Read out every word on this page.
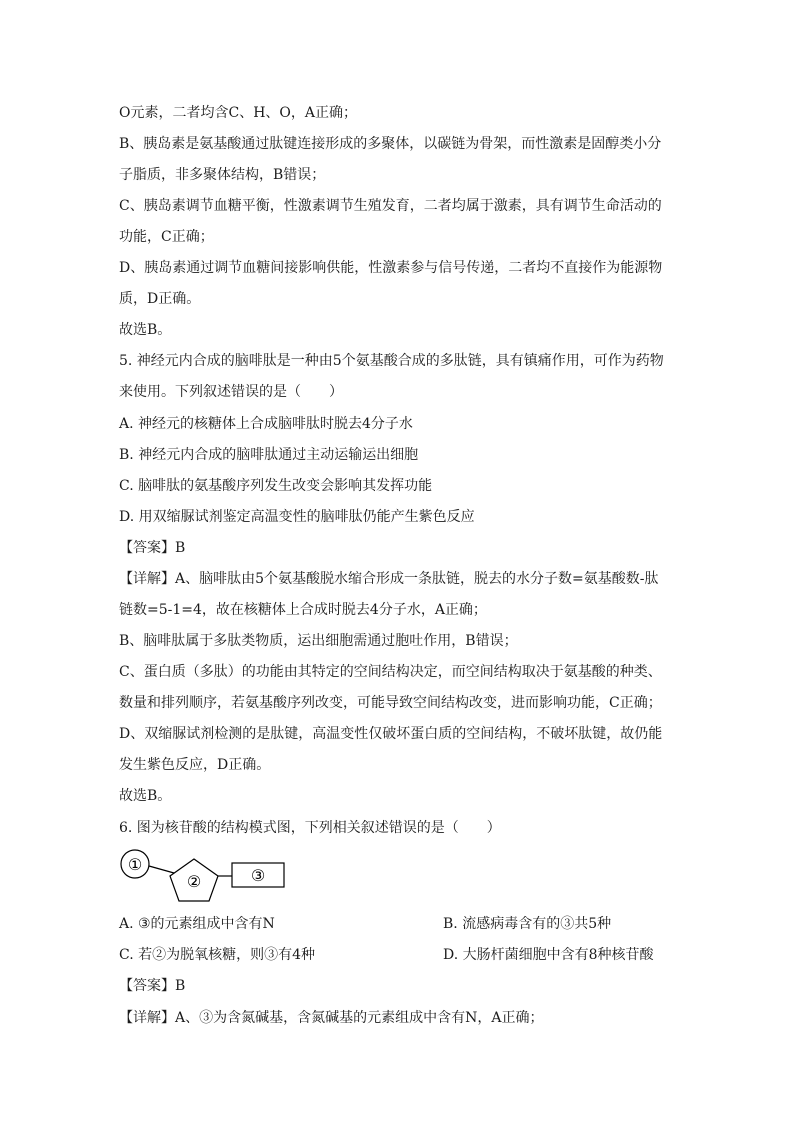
O元素，二者均含C、H、O，A正确；
B、胰岛素是氨基酸通过肽键连接形成的多聚体，以碳链为骨架，而性激素是固醇类小分
子脂质，非多聚体结构，B错误；
C、胰岛素调节血糖平衡，性激素调节生殖发育，二者均属于激素，具有调节生命活动的
功能，C正确；
D、胰岛素通过调节血糖间接影响供能，性激素参与信号传递，二者均不直接作为能源物
质，D正确。
故选B。
5. 神经元内合成的脑啡肽是一种由5个氨基酸合成的多肽链，具有镇痛作用，可作为药物
来使用。下列叙述错误的是（　　）
A. 神经元的核糖体上合成脑啡肽时脱去4分子水
B. 神经元内合成的脑啡肽通过主动运输运出细胞
C. 脑啡肽的氨基酸序列发生改变会影响其发挥功能
D. 用双缩脲试剂鉴定高温变性的脑啡肽仍能产生紫色反应
【答案】B
【详解】A、脑啡肽由5个氨基酸脱水缩合形成一条肽链，脱去的水分子数=氨基酸数-肽
链数=5-1=4，故在核糖体上合成时脱去4分子水，A正确；
B、脑啡肽属于多肽类物质，运出细胞需通过胞吐作用，B错误；
C、蛋白质（多肽）的功能由其特定的空间结构决定，而空间结构取决于氨基酸的种类、
数量和排列顺序，若氨基酸序列改变，可能导致空间结构改变，进而影响功能，C正确；
D、双缩脲试剂检测的是肽键，高温变性仅破坏蛋白质的空间结构，不破坏肽键，故仍能
发生紫色反应，D正确。
故选B。
6. 图为核苷酸的结构模式图，下列相关叙述错误的是（　　）
①
②	③
A. ③的元素组成中含有N	B. 流感病毒含有的③共5种
C. 若②为脱氧核糖，则③有4种	D. 大肠杆菌细胞中含有8种核苷酸
【答案】B
【详解】A、③为含氮碱基，含氮碱基的元素组成中含有N，A正确；
